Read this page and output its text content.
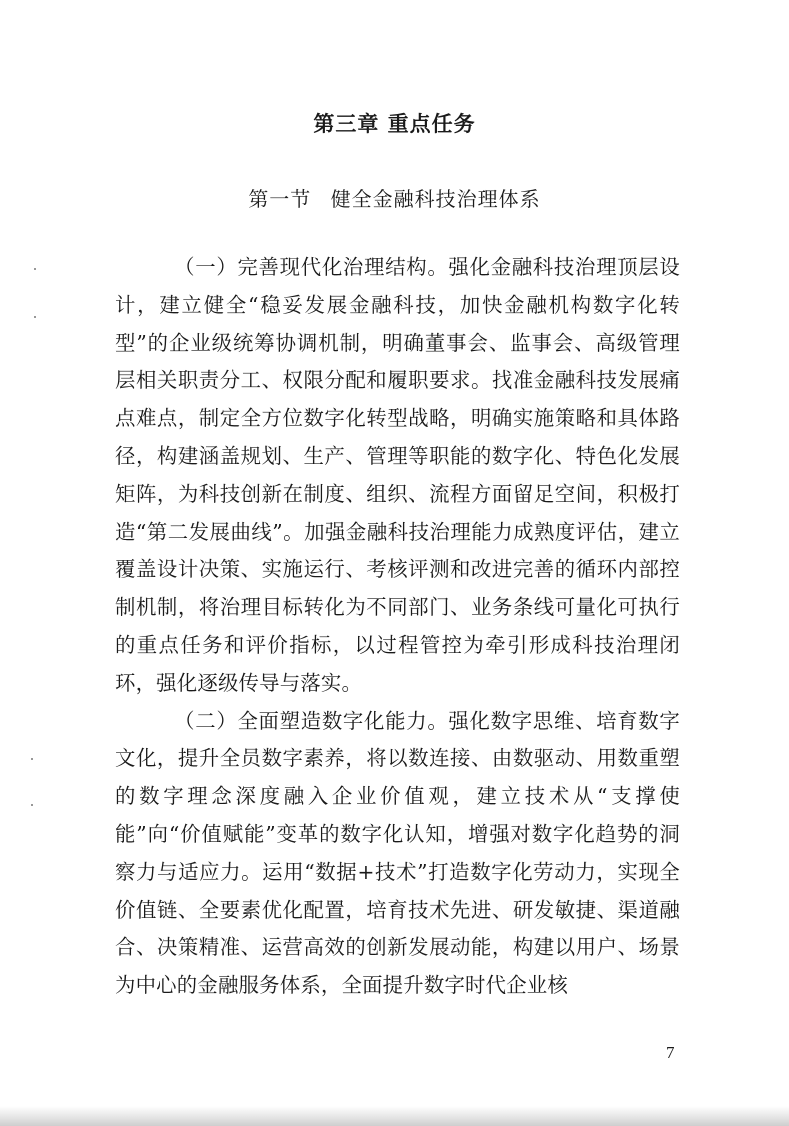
第三章 重点任务
第一节 健全金融科技治理体系

（一）完善现代化治理结构。强化金融科技治理顶层设计，建立健全“稳妥发展金融科技，加快金融机构数字化转型”的企业级统筹协调机制，明确董事会、监事会、高级管理层相关职责分工、权限分配和履职要求。找准金融科技发展痛点难点，制定全方位数字化转型战略，明确实施策略和具体路径，构建涵盖规划、生产、管理等职能的数字化、特色化发展矩阵，为科技创新在制度、组织、流程方面留足空间，积极打造“第二发展曲线”。加强金融科技治理能力成熟度评估，建立覆盖设计决策、实施运行、考核评测和改进完善的循环内部控制机制，将治理目标转化为不同部门、业务条线可量化可执行的重点任务和评价指标，以过程管控为牵引形成科技治理闭环，强化逐级传导与落实。

（二）全面塑造数字化能力。强化数字思维、培育数字文化，提升全员数字素养，将以数连接、由数驱动、用数重塑的数字理念深度融入企业价值观，建立技术从“支撑使能”向“价值赋能”变革的数字化认知，增强对数字化趋势的洞察力与适应力。运用“数据+技术”打造数字化劳动力，实现全价值链、全要素优化配置，培育技术先进、研发敏捷、渠道融合、决策精准、运营高效的创新发展动能，构建以用户、场景为中心的金融服务体系，全面提升数字时代企业核

7
